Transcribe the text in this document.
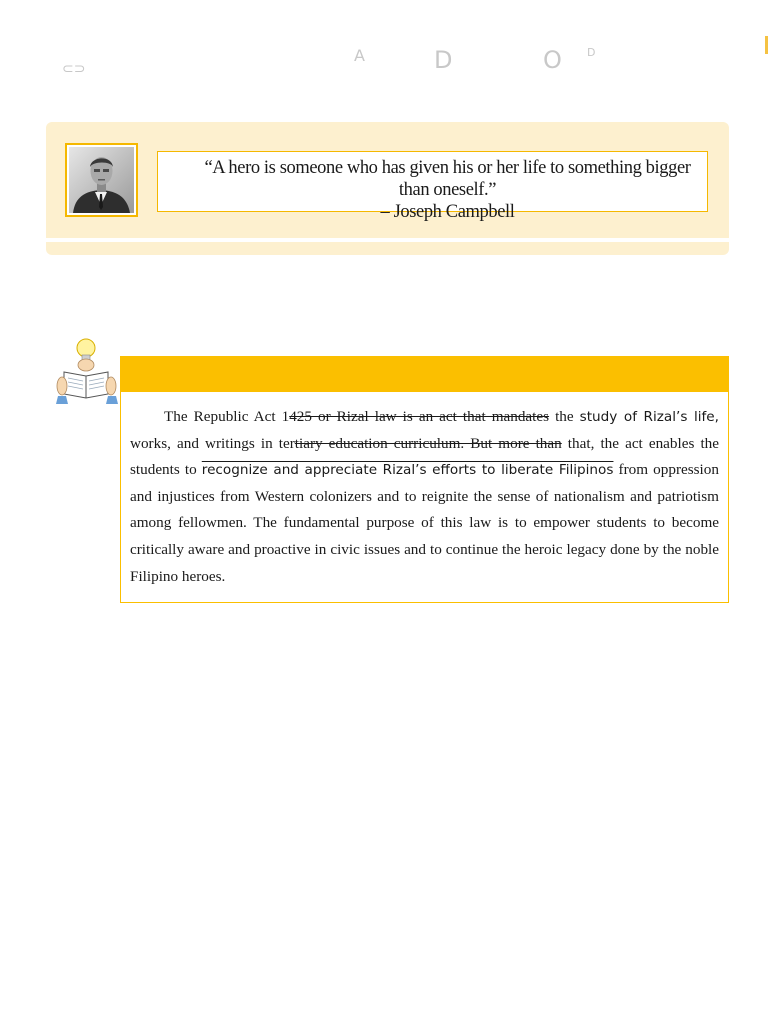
⊂⊃
A	D	O D
“A hero is someone who has given his or her life to something bigger than oneself.”
– Joseph Campbell

The Republic Act 1425 or Rizal law is an act that mandates the study of Rizal’s life, works, and writings in tertiary education curriculum. But more than that, the act enables the students to recognize and appreciate Rizal’s efforts to liberate Filipinos from oppression and injustices from Western colonizers and to reignite the sense of nationalism and patriotism among fellowmen. The fundamental purpose of this law is to empower students to become critically aware and proactive in civic issues and to continue the heroic legacy done by the noble Filipino heroes.
